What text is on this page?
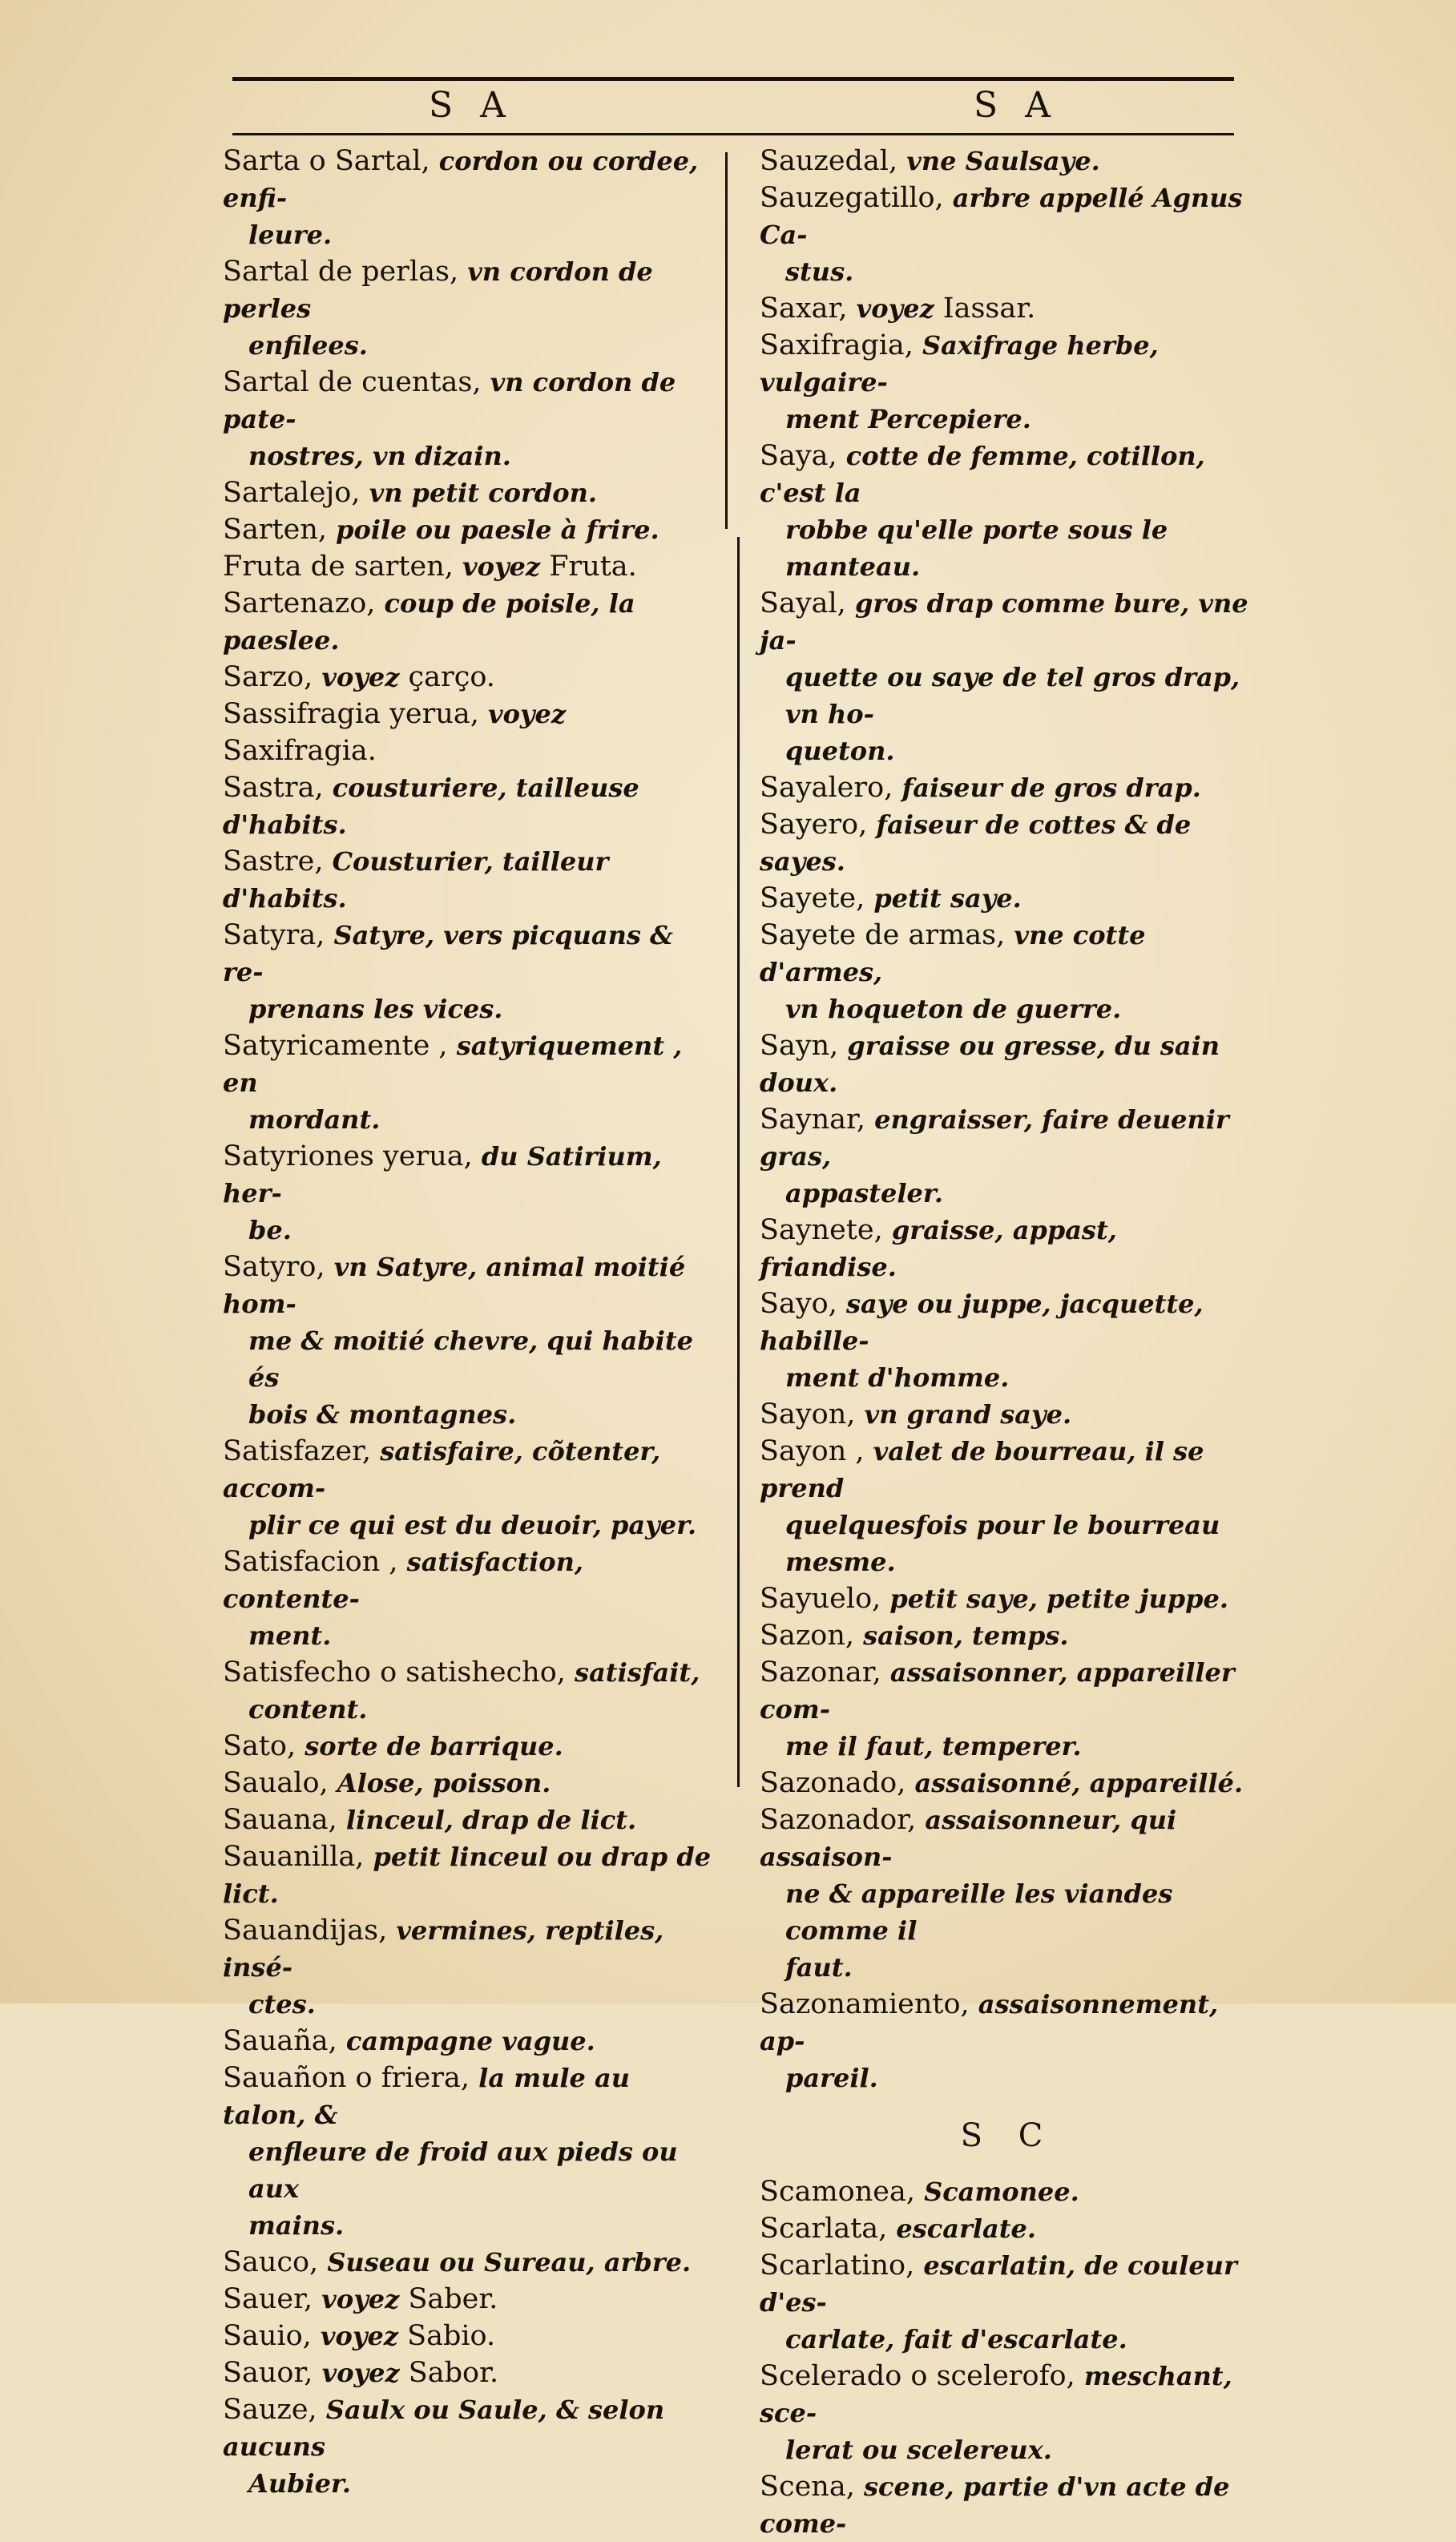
S A	S A

Sarta o Sartal, cordon ou cordee, enfi-
leure.

Sartal de perlas, vn cordon de perles
enfilees.

Sartal de cuentas, vn cordon de pate-
nostres, vn dizain.

Sartalejo, vn petit cordon.

Sarten, poile ou paesle à frire.

Fruta de sarten, voyez Fruta.

Sartenazo, coup de poisle, la paeslee.

Sarzo, voyez çarço.

Sassifragia yerua, voyez Saxifragia.

Sastra, cousturiere, tailleuse d'habits.

Sastre, Cousturier, tailleur d'habits.

Satyra, Satyre, vers picquans & re-
prenans les vices.

Satyricamente , satyriquement , en
mordant.

Satyriones yerua, du Satirium, her-
be.

Satyro, vn Satyre, animal moitié hom-
me & moitié chevre, qui habite és
bois & montagnes.

Satisfazer, satisfaire, cõtenter, accom-
plir ce qui est du deuoir, payer.

Satisfacion , satisfaction, contente-
ment.

Satisfecho o satishecho, satisfait,
content.

Sato, sorte de barrique.

Saualo, Alose, poisson.

Sauana, linceul, drap de lict.

Sauanilla, petit linceul ou drap de lict.

Sauandijas, vermines, reptiles, insé-
ctes.

Sauaña, campagne vague.

Sauañon o friera, la mule au talon, &
enfleure de froid aux pieds ou aux
mains.

Sauco, Suseau ou Sureau, arbre.

Sauer, voyez Saber.

Sauio, voyez Sabio.

Sauor, voyez Sabor.

Sauze, Saulx ou Saule, & selon aucuns
Aubier.

Sauzedal, vne Saulsaye.

Sauzegatillo, arbre appellé Agnus Ca-
stus.

Saxar, voyez Iassar.

Saxifragia, Saxifrage herbe, vulgaire-
ment Percepiere.

Saya, cotte de femme, cotillon, c'est la
robbe qu'elle porte sous le manteau.

Sayal, gros drap comme bure, vne ja-
quette ou saye de tel gros drap, vn ho-
queton.

Sayalero, faiseur de gros drap.

Sayero, faiseur de cottes & de sayes.

Sayete, petit saye.

Sayete de armas, vne cotte d'armes,
vn hoqueton de guerre.

Sayn, graisse ou gresse, du sain doux.

Saynar, engraisser, faire deuenir gras,
appasteler.

Saynete, graisse, appast, friandise.

Sayo, saye ou juppe, jacquette, habille-
ment d'homme.

Sayon, vn grand saye.

Sayon , valet de bourreau, il se prend
quelquesfois pour le bourreau mesme.

Sayuelo, petit saye, petite juppe.

Sazon, saison, temps.

Sazonar, assaisonner, appareiller com-
me il faut, temperer.

Sazonado, assaisonné, appareillé.

Sazonador, assaisonneur, qui assaison-
ne & appareille les viandes comme il
faut.

Sazonamiento, assaisonnement, ap-
pareil.

S C

Scamonea, Scamonee.

Scarlata, escarlate.

Scarlatino, escarlatin, de couleur d'es-
carlate, fait d'escarlate.

Scelerado o scelerofo, meschant, sce-
lerat ou scelereux.

Scena, scene, partie d'vn acte de come-
